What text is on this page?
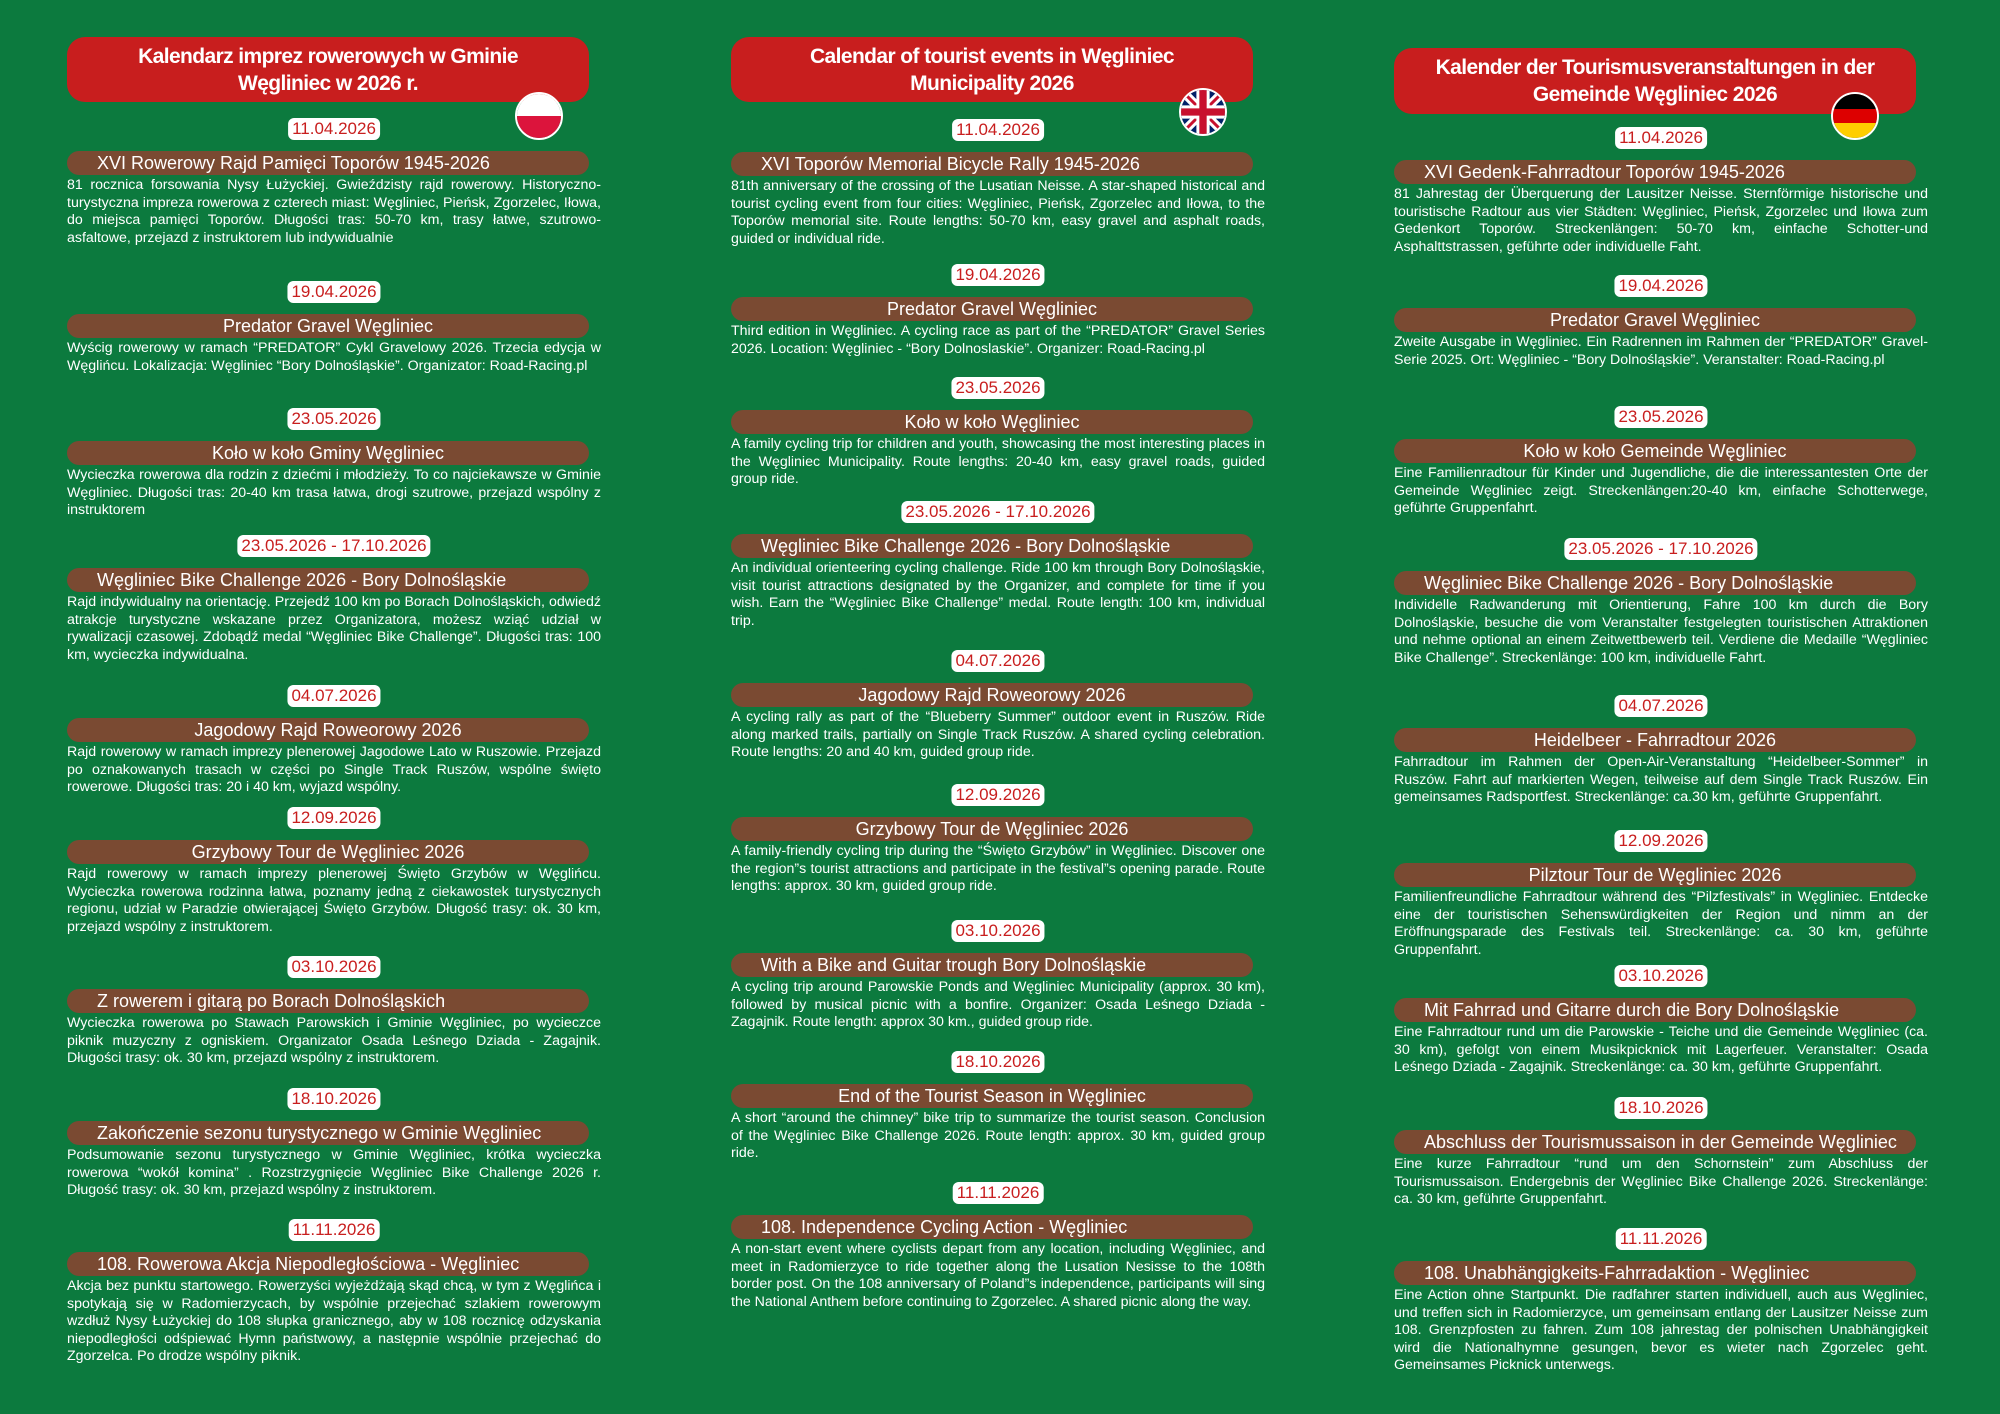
Kalendarz imprez rowerowych w Gminie Węgliniec w 2026 r.
11.04.2026
XVI Rowerowy Rajd Pamięci Toporów 1945-2026

81 rocznica forsowania Nysy Łużyckiej. Gwieździsty rajd rowerowy. Historyczno-turystyczna impreza rowerowa z czterech miast: Węgliniec, Pieńsk, Zgorzelec, Iłowa, do miejsca pamięci Toporów. Długości tras: 50-70 km, trasy łatwe, szutrowo-asfaltowe, przejazd z instruktorem lub indywidualnie

19.04.2026
Predator Gravel Węgliniec

Wyścig rowerowy w ramach “PREDATOR” Cykl Gravelowy 2026. Trzecia edycja w Węglińcu. Lokalizacja: Węgliniec “Bory Dolnośląskie”. Organizator: Road-Racing.pl

23.05.2026
Koło w koło Gminy Węgliniec

Wycieczka rowerowa dla rodzin z dziećmi i młodzieży. To co najciekawsze w Gminie Węgliniec. Długości tras: 20-40 km trasa łatwa, drogi szutrowe, przejazd wspólny z instruktorem

23.05.2026 - 17.10.2026
Węgliniec Bike Challenge 2026 - Bory Dolnośląskie

Rajd indywidualny na orientację. Przejedź 100 km po Borach Dolnośląskich, odwiedź atrakcje turystyczne wskazane przez Organizatora, możesz wziąć udział w rywalizacji czasowej. Zdobądź medal “Węgliniec Bike Challenge”. Długości tras: 100 km, wycieczka indywidualna.

04.07.2026
Jagodowy Rajd Roweorowy 2026

Rajd rowerowy w ramach imprezy plenerowej Jagodowe Lato w Ruszowie. Przejazd po oznakowanych trasach w części po Single Track Ruszów, wspólne święto rowerowe. Długości tras: 20 i 40 km, wyjazd wspólny.

12.09.2026
Grzybowy Tour de Węgliniec 2026

Rajd rowerowy w ramach imprezy plenerowej Święto Grzybów w Węglińcu. Wycieczka rowerowa rodzinna łatwa, poznamy jedną z ciekawostek turystycznych regionu, udział w Paradzie otwierającej Święto Grzybów. Długość trasy: ok. 30 km, przejazd wspólny z instruktorem.

03.10.2026
Z rowerem i gitarą po Borach Dolnośląskich

Wycieczka rowerowa po Stawach Parowskich i Gminie Węgliniec, po wycieczce piknik muzyczny z ogniskiem. Organizator Osada Leśnego Dziada - Zagajnik. Długości trasy: ok. 30 km, przejazd wspólny z instruktorem.

18.10.2026
Zakończenie sezonu turystycznego w Gminie Węgliniec

Podsumowanie sezonu turystycznego w Gminie Węgliniec, krótka wycieczka rowerowa “wokół komina” . Rozstrzygnięcie Węgliniec Bike Challenge 2026 r. Długość trasy: ok. 30 km, przejazd wspólny z instruktorem.

11.11.2026
108. Rowerowa Akcja Niepodległościowa - Węgliniec

Akcja bez punktu startowego. Rowerzyści wyjeżdżają skąd chcą, w tym z Węglińca i spotykają się w Radomierzycach, by wspólnie przejechać szlakiem rowerowym wzdłuż Nysy Łużyckiej do 108 słupka granicznego, aby w 108 rocznicę odzyskania niepodległości odśpiewać Hymn państwowy, a następnie wspólnie przejechać do Zgorzelca. Po drodze wspólny piknik.

Calendar of tourist events in Węgliniec Municipality 2026
11.04.2026
XVI Toporów Memorial Bicycle Rally 1945-2026

81th anniversary of the crossing of the Lusatian Neisse. A star-shaped historical and tourist cycling event from four cities: Węgliniec, Pieńsk, Zgorzelec and Iłowa, to the Toporów memorial site. Route lengths: 50-70 km, easy gravel and asphalt roads, guided or individual ride.

19.04.2026
Predator Gravel Węgliniec

Third edition in Węgliniec. A cycling race as part of the “PREDATOR” Gravel Series 2026. Location: Węgliniec - “Bory Dolnoslaskie”. Organizer: Road-Racing.pl

23.05.2026
Koło w koło Węgliniec

A family cycling trip for children and youth, showcasing the most interesting places in the Węgliniec Municipality. Route lengths: 20-40 km, easy gravel roads, guided group ride.

23.05.2026 - 17.10.2026
Węgliniec Bike Challenge 2026 - Bory Dolnośląskie

An individual orienteering cycling challenge. Ride 100 km through Bory Dolnośląskie, visit tourist attractions designated by the Organizer, and complete for time if you wish. Earn the “Węgliniec Bike Challenge” medal. Route length: 100 km, individual trip.

04.07.2026
Jagodowy Rajd Roweorowy 2026

A cycling rally as part of the “Blueberry Summer” outdoor event in Ruszów. Ride along marked trails, partially on Single Track Ruszów. A shared cycling celebration. Route lengths: 20 and 40 km, guided group ride.

12.09.2026
Grzybowy Tour de Węgliniec 2026

A family-friendly cycling trip during the “Święto Grzybów” in Węgliniec. Discover one the region”s tourist attractions and participate in the festival”s opening parade. Route lengths: approx. 30 km, guided group ride.

03.10.2026
With a Bike and Guitar trough Bory Dolnośląskie

A cycling trip around Parowskie Ponds and Węgliniec Municipality (approx. 30 km), followed by musical picnic with a bonfire. Organizer: Osada Leśnego Dziada - Zagajnik. Route length: approx 30 km., guided group ride.

18.10.2026
End of the Tourist Season in Węgliniec

A short “around the chimney” bike trip to summarize the tourist season. Conclusion of the Węgliniec Bike Challenge 2026. Route length: approx. 30 km, guided group ride.

11.11.2026
108. Independence Cycling Action - Węgliniec

A non-start event where cyclists depart from any location, including Węgliniec, and meet in Radomierzyce to ride together along the Lusation Nesisse to the 108th border post. On the 108 anniversary of Poland”s independence, participants will sing the National Anthem before continuing to Zgorzelec. A shared picnic along the way.

Kalender der Tourismusveranstaltungen in der Gemeinde Węgliniec 2026
11.04.2026
XVI Gedenk-Fahrradtour Toporów 1945-2026

81 Jahrestag der Überquerung der Lausitzer Neisse. Sternförmige historische und touristische Radtour aus vier Städten: Węgliniec, Pieńsk, Zgorzelec und Iłowa zum Gedenkort Toporów. Streckenlängen: 50-70 km, einfache Schotter-und Asphalttstrassen, geführte oder individuelle Faht.

19.04.2026
Predator Gravel Węgliniec

Zweite Ausgabe in Węgliniec. Ein Radrennen im Rahmen der “PREDATOR” Gravel-Serie 2025. Ort: Węgliniec - “Bory Dolnośląskie”. Veranstalter: Road-Racing.pl

23.05.2026
Koło w koło Gemeinde Węgliniec

Eine Familienradtour für Kinder und Jugendliche, die die interessantesten Orte der Gemeinde Węgliniec zeigt. Streckenlängen:20-40 km, einfache Schotterwege, geführte Gruppenfahrt.

23.05.2026 - 17.10.2026
Węgliniec Bike Challenge 2026 - Bory Dolnośląskie

Individelle Radwanderung mit Orientierung, Fahre 100 km durch die Bory Dolnośląskie, besuche die vom Veranstalter festgelegten touristischen Attraktionen und nehme optional an einem Zeitwettbewerb teil. Verdiene die Medaille “Węgliniec Bike Challenge”. Streckenlänge: 100 km, individuelle Fahrt.

04.07.2026
Heidelbeer - Fahrradtour 2026

Fahrradtour im Rahmen der Open-Air-Veranstaltung “Heidelbeer-Sommer” in Ruszów. Fahrt auf markierten Wegen, teilweise auf dem Single Track Ruszów. Ein gemeinsames Radsportfest. Streckenlänge: ca.30 km, geführte Gruppenfahrt.

12.09.2026
Pilztour Tour de Węgliniec 2026

Familienfreundliche Fahrradtour während des “Pilzfestivals” in Węgliniec. Entdecke eine der touristischen Sehenswürdigkeiten der Region und nimm an der Eröffnungsparade des Festivals teil. Streckenlänge: ca. 30 km, geführte Gruppenfahrt.

03.10.2026
Mit Fahrrad und Gitarre durch die Bory Dolnośląskie

Eine Fahrradtour rund um die Parowskie - Teiche und die Gemeinde Węgliniec (ca. 30 km), gefolgt von einem Musikpicknick mit Lagerfeuer. Veranstalter: Osada Leśnego Dziada - Zagajnik. Streckenlänge: ca. 30 km, geführte Gruppenfahrt.

18.10.2026
Abschluss der Tourismussaison in der Gemeinde Węgliniec

Eine kurze Fahrradtour “rund um den Schornstein” zum Abschluss der Tourismussaison. Endergebnis der Węgliniec Bike Challenge 2026. Streckenlänge: ca. 30 km, geführte Gruppenfahrt.

11.11.2026
108. Unabhängigkeits-Fahrradaktion - Węgliniec

Eine Action ohne Startpunkt. Die radfahrer starten individuell, auch aus Węgliniec, und treffen sich in Radomierzyce, um gemeinsam entlang der Lausitzer Neisse zum 108. Grenzpfosten zu fahren. Zum 108 jahrestag der polnischen Unabhängigkeit wird die Nationalhymne gesungen, bevor es wieter nach Zgorzelec geht. Gemeinsames Picknick unterwegs.
